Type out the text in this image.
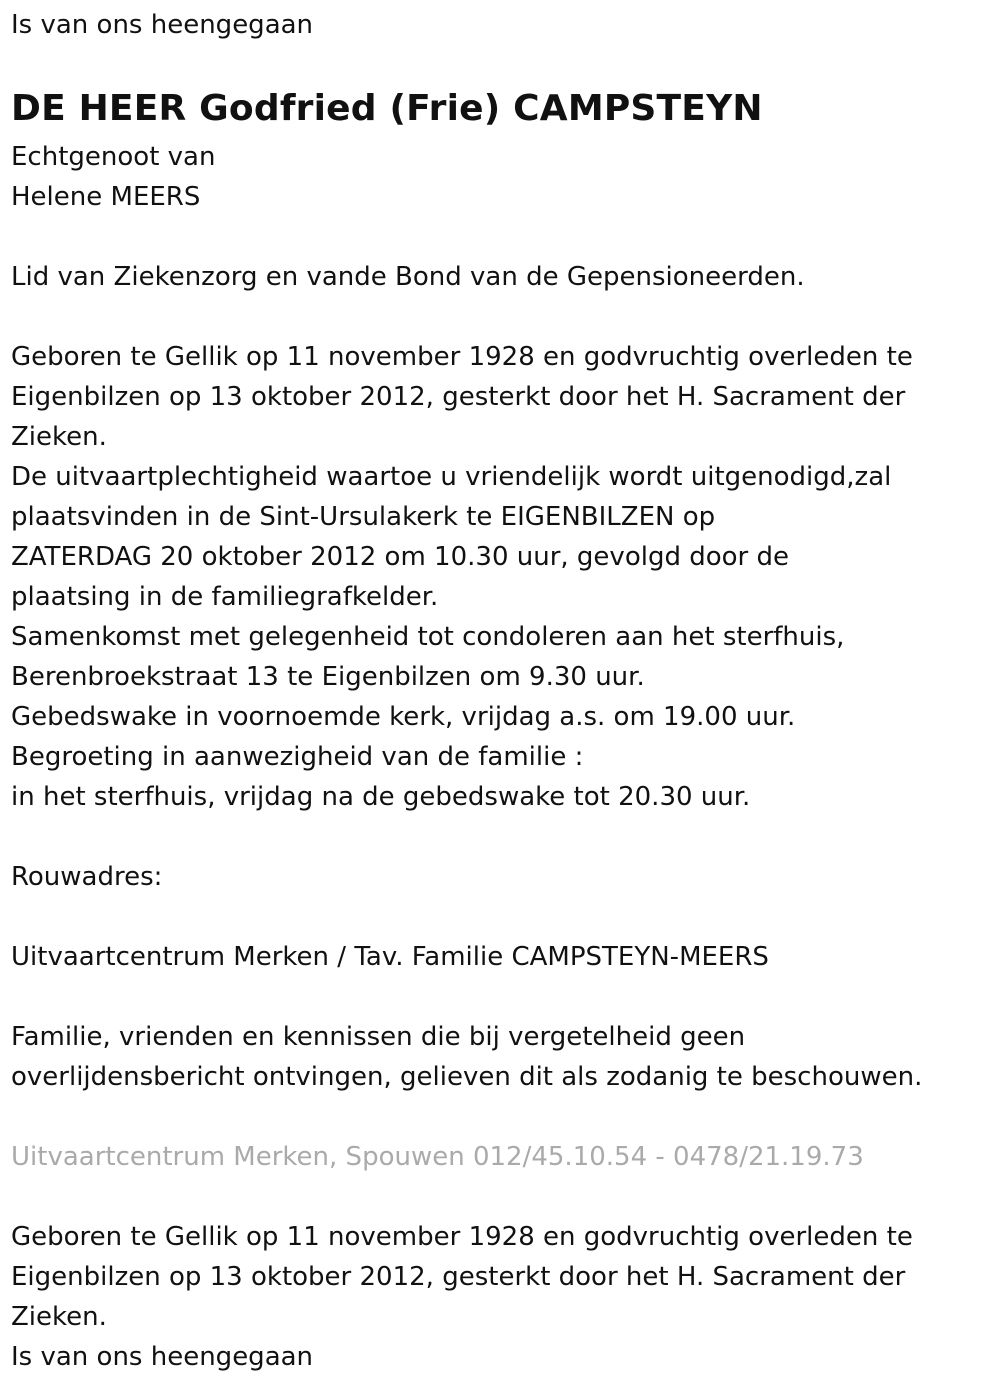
Is van ons heengegaan

DE HEER Godfried (Frie) CAMPSTEYN

Echtgenoot van

Helene MEERS

Lid van Ziekenzorg en vande Bond van de Gepensioneerden.

Geboren te Gellik op 11 november 1928 en godvruchtig overleden te

Eigenbilzen op 13 oktober 2012, gesterkt door het H. Sacrament der

Zieken.

De uitvaartplechtigheid waartoe u vriendelijk wordt uitgenodigd,zal

plaatsvinden in de Sint-Ursulakerk te EIGENBILZEN op

ZATERDAG 20 oktober 2012 om 10.30 uur, gevolgd door de

plaatsing in de familiegrafkelder.

Samenkomst met gelegenheid tot condoleren aan het sterfhuis,

Berenbroekstraat 13 te Eigenbilzen om 9.30 uur.

Gebedswake in voornoemde kerk, vrijdag a.s. om 19.00 uur.

Begroeting in aanwezigheid van de familie :

in het sterfhuis, vrijdag na de gebedswake tot 20.30 uur.

Rouwadres:

Uitvaartcentrum Merken / Tav. Familie CAMPSTEYN-MEERS

Familie, vrienden en kennissen die bij vergetelheid geen

overlijdensbericht ontvingen, gelieven dit als zodanig te beschouwen.

Uitvaartcentrum Merken, Spouwen 012/45.10.54 - 0478/21.19.73

Geboren te Gellik op 11 november 1928 en godvruchtig overleden te

Eigenbilzen op 13 oktober 2012, gesterkt door het H. Sacrament der

Zieken.

Is van ons heengegaan
